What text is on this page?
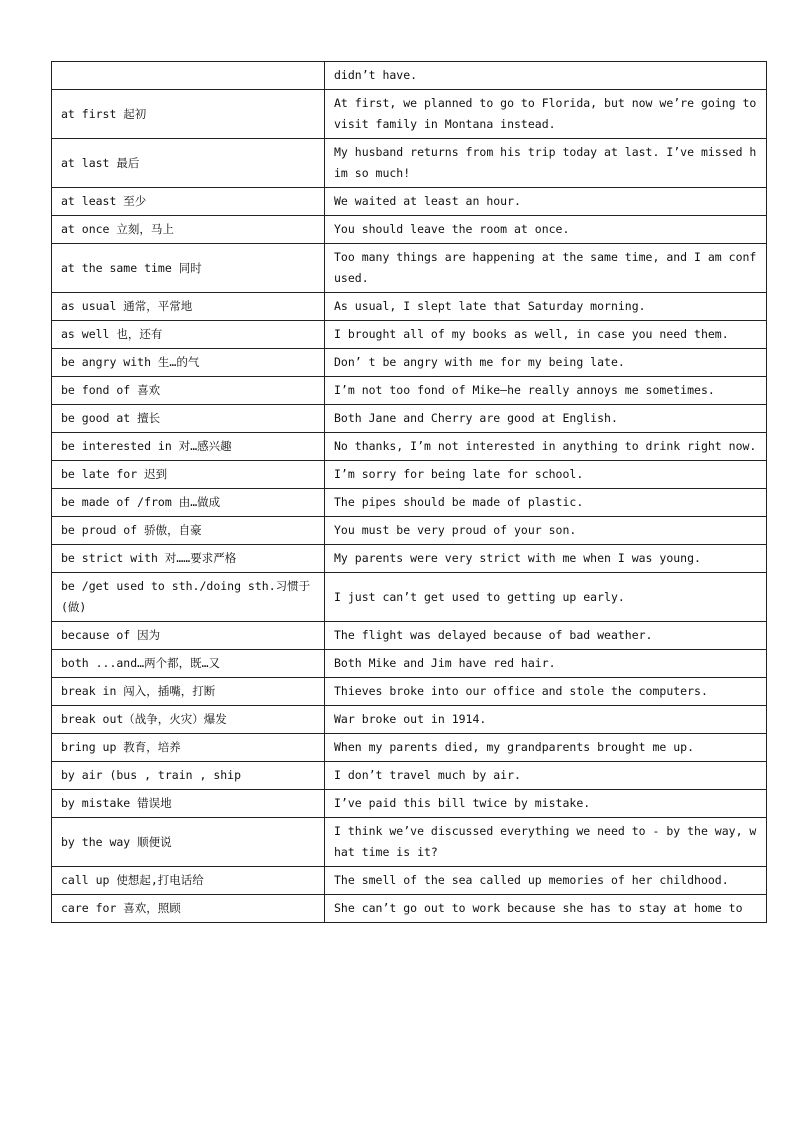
	didn’t have.
at first 起初	At first, we planned to go to Florida, but now we’re going to visit family in Montana instead.
at last 最后	My husband returns from his trip today at last. I’ve missed him so much!
at least 至少	We waited at least an hour.
at once 立刻，马上	You should leave the room at once.
at the same time 同时	Too many things are happening at the same time, and I am confused.
as usual 通常，平常地	As usual, I slept late that Saturday morning.
as well 也，还有	I brought all of my books as well, in case you need them.
be angry with 生…的气	Don’ t be angry with me for my being late.
be fond of 喜欢	I’m not too fond of Mike—he really annoys me sometimes.
be good at 擅长	Both Jane and Cherry are good at English.
be interested in 对…感兴趣	No thanks, I’m not interested in anything to drink right now.
be late for 迟到	I’m sorry for being late for school.
be made of /from 由…做成	The pipes should be made of plastic.
be proud of 骄傲，自豪	You must be very proud of your son.
be strict with 对……要求严格	My parents were very strict with me when I was young.
be /get used to sth./doing sth.习惯于(做)	I just can’t get used to getting up early.
because of 因为	The flight was delayed because of bad weather.
both ...and…两个都，既…又	Both Mike and Jim have red hair.
break in 闯入，插嘴，打断	Thieves broke into our office and stole the computers.
break out（战争，火灾）爆发	War broke out in 1914.
bring up 教育，培养	When my parents died, my grandparents brought me up.
by air (bus , train , ship	I don’t travel much by air.
by mistake 错误地	I’ve paid this bill twice by mistake.
by the way 顺便说	I think we’ve discussed everything we need to - by the way, what time is it?
call up 使想起,打电话给	The smell of the sea called up memories of her childhood.
care for 喜欢，照顾	She can’t go out to work because she has to stay at home to
